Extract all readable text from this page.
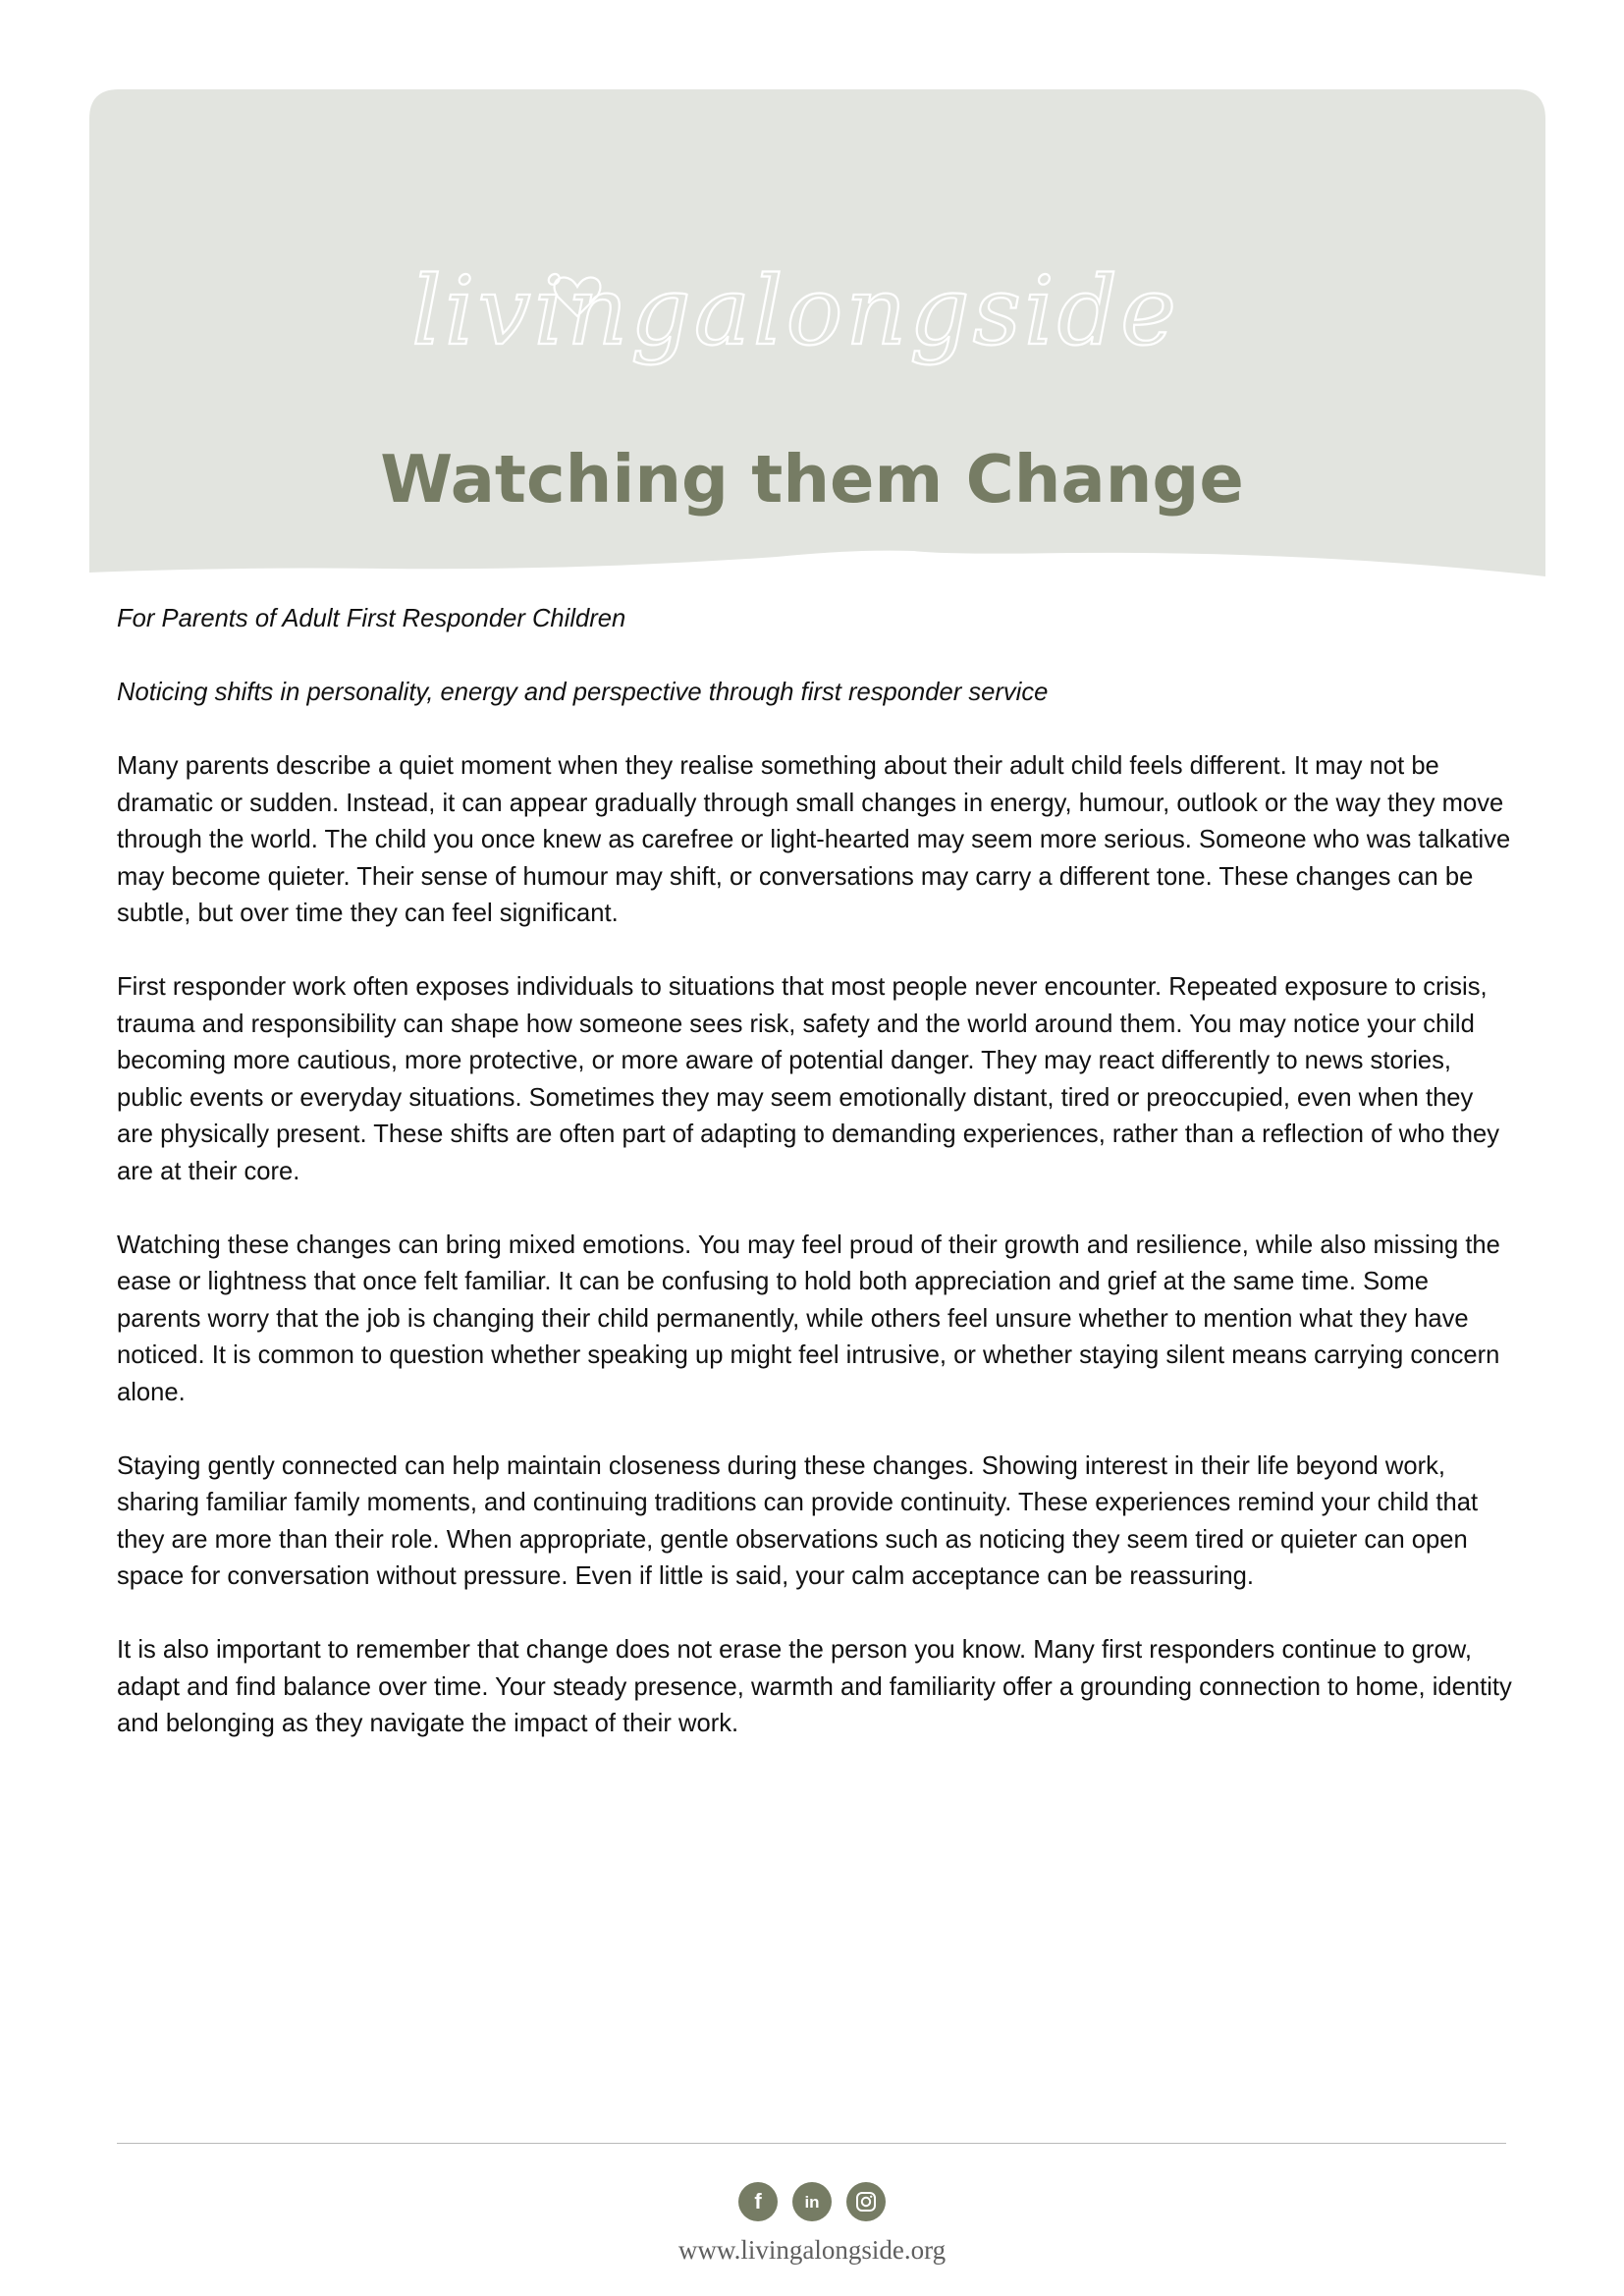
livingalongside
Watching them Change

For Parents of Adult First Responder Children

Noticing shifts in personality, energy and perspective through first responder service

Many parents describe a quiet moment when they realise something about their adult child feels different. It may not be dramatic or sudden. Instead, it can appear gradually through small changes in energy, humour, outlook or the way they move through the world. The child you once knew as carefree or light-hearted may seem more serious. Someone who was talkative may become quieter. Their sense of humour may shift, or conversations may carry a different tone. These changes can be subtle, but over time they can feel significant.

First responder work often exposes individuals to situations that most people never encounter. Repeated exposure to crisis, trauma and responsibility can shape how someone sees risk, safety and the world around them. You may notice your child becoming more cautious, more protective, or more aware of potential danger. They may react differently to news stories, public events or everyday situations. Sometimes they may seem emotionally distant, tired or preoccupied, even when they are physically present. These shifts are often part of adapting to demanding experiences, rather than a reflection of who they are at their core.

Watching these changes can bring mixed emotions. You may feel proud of their growth and resilience, while also missing the ease or lightness that once felt familiar. It can be confusing to hold both appreciation and grief at the same time. Some parents worry that the job is changing their child permanently, while others feel unsure whether to mention what they have noticed. It is common to question whether speaking up might feel intrusive, or whether staying silent means carrying concern alone.

Staying gently connected can help maintain closeness during these changes. Showing interest in their life beyond work, sharing familiar family moments, and continuing traditions can provide continuity. These experiences remind your child that they are more than their role. When appropriate, gentle observations such as noticing they seem tired or quieter can open space for conversation without pressure. Even if little is said, your calm acceptance can be reassuring.

It is also important to remember that change does not erase the person you know. Many first responders continue to grow, adapt and find balance over time. Your steady presence, warmth and familiarity offer a grounding connection to home, identity and belonging as they navigate the impact of their work.

f	in
www.livingalongside.org
